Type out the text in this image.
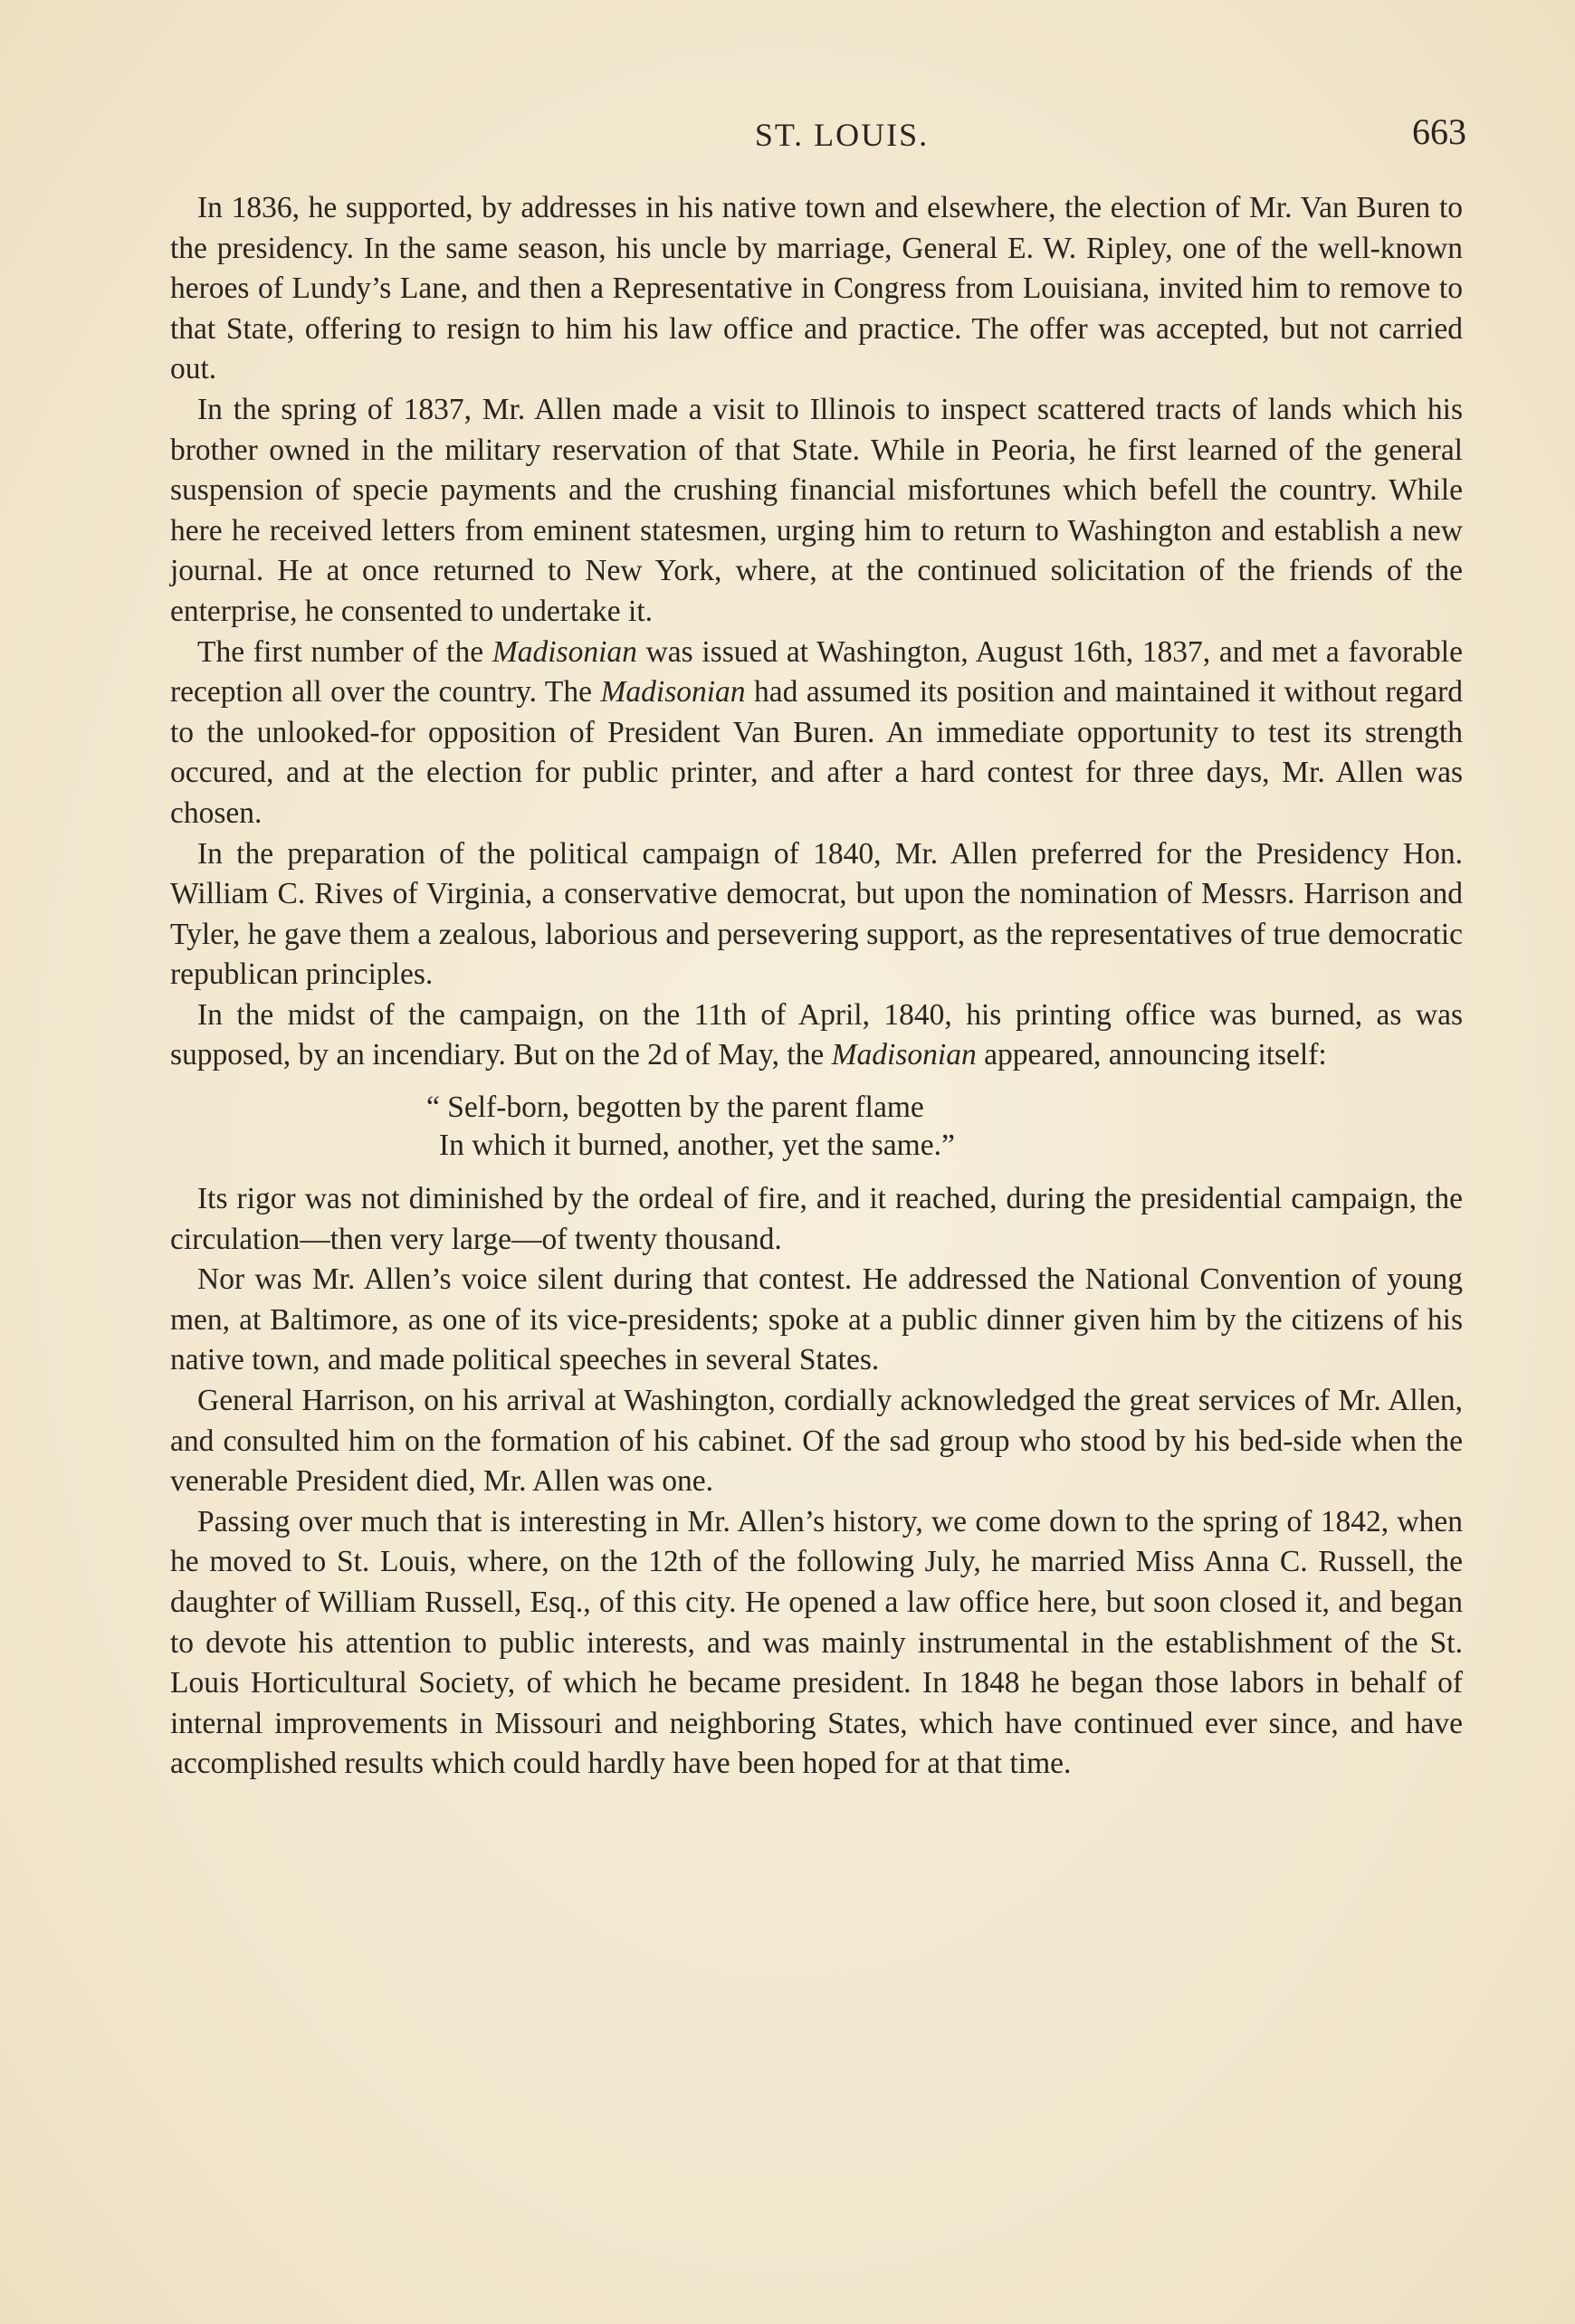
ST. LOUIS.	663

In 1836, he supported, by addresses in his native town and elsewhere, the election of Mr. Van Buren to the presidency. In the same season, his uncle by marriage, General E. W. Ripley, one of the well-known heroes of Lundy’s Lane, and then a Representative in Congress from Louisiana, invited him to remove to that State, offering to resign to him his law office and practice. The offer was accepted, but not carried out.

In the spring of 1837, Mr. Allen made a visit to Illinois to inspect scattered tracts of lands which his brother owned in the military reservation of that State. While in Peoria, he first learned of the general suspension of specie payments and the crushing financial misfortunes which befell the country. While here he received letters from eminent statesmen, urging him to return to Washington and establish a new journal. He at once returned to New York, where, at the continued solicitation of the friends of the enterprise, he consented to undertake it.

The first number of the Madisonian was issued at Washington, August 16th, 1837, and met a favorable reception all over the country. The Madisonian had assumed its position and maintained it without regard to the unlooked-for opposition of President Van Buren. An immediate opportunity to test its strength occured, and at the election for public printer, and after a hard contest for three days, Mr. Allen was chosen.

In the preparation of the political campaign of 1840, Mr. Allen preferred for the Presidency Hon. William C. Rives of Virginia, a conservative democrat, but upon the nomination of Messrs. Harrison and Tyler, he gave them a zealous, laborious and persevering support, as the representatives of true democratic republican principles.

In the midst of the campaign, on the 11th of April, 1840, his printing office was burned, as was supposed, by an incendiary. But on the 2d of May, the Madisonian appeared, announcing itself:

“ Self-born, begotten by the parent flame
In which it burned, another, yet the same.”

Its rigor was not diminished by the ordeal of fire, and it reached, during the presidential campaign, the circulation—then very large—of twenty thousand.

Nor was Mr. Allen’s voice silent during that contest. He addressed the National Convention of young men, at Baltimore, as one of its vice-presidents; spoke at a public dinner given him by the citizens of his native town, and made political speeches in several States.

General Harrison, on his arrival at Washington, cordially acknowledged the great services of Mr. Allen, and consulted him on the formation of his cabinet. Of the sad group who stood by his bed-side when the venerable President died, Mr. Allen was one.

Passing over much that is interesting in Mr. Allen’s history, we come down to the spring of 1842, when he moved to St. Louis, where, on the 12th of the following July, he married Miss Anna C. Russell, the daughter of William Russell, Esq., of this city. He opened a law office here, but soon closed it, and began to devote his attention to public interests, and was mainly instrumental in the establishment of the St. Louis Horticultural Society, of which he became president. In 1848 he began those labors in behalf of internal improvements in Missouri and neighboring States, which have continued ever since, and have accomplished results which could hardly have been hoped for at that time.
